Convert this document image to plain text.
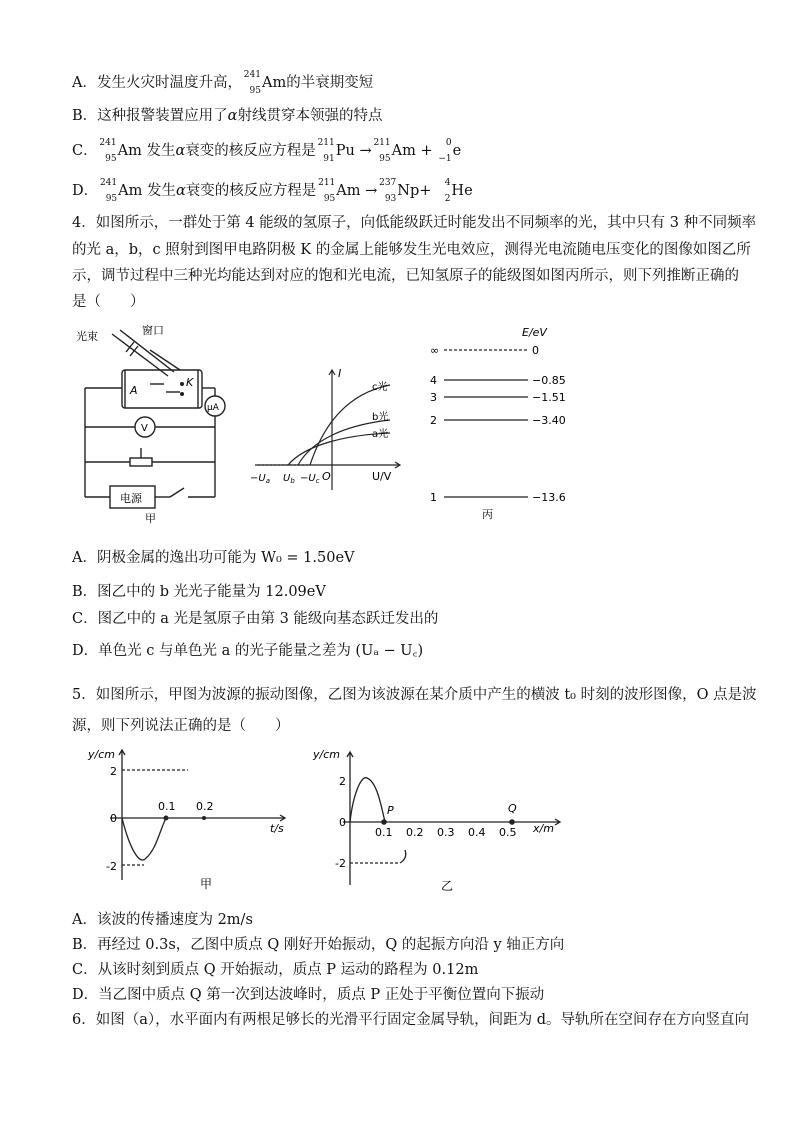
A．发生火灾时温度升高， 241
95 Am的半衰期变短
B．这种报警装置应用了α射线贯穿本领强的特点
C． 241
95 Am 发生α衰变的核反应方程是 211
91 Pu → 211
95 Am + 0
−1 e
D． 241
95 Am 发生α衰变的核反应方程是 211
95 Am → 237
93 Np+ 4
2 He
4．如图所示，一群处于第 4 能级的氢原子，向低能级跃迁时能发出不同频率的光，其中只有 3 种不同频率
的光 a，b，c 照射到图甲电路阴极 K 的金属上能够发生光电效应，测得光电流随电压变化的图像如图乙所
示，调节过程中三种光均能达到对应的饱和光电流，已知氢原子的能级图如图丙所示，则下列推断正确的
是（　　）
光束	窗口
A
K
μA
V
电源
甲
I
U/V
O
c光
b光
a光
$-U_a$ $U_b -U_c$
E/eV
∞	0
4	−0.85
3	−1.51
2	−3.40
1	−13.6
丙
A．阴极金属的逸出功可能为 W₀ = 1.50eV
B．图乙中的 b 光光子能量为 12.09eV
C．图乙中的 a 光是氢原子由第 3 能级向基态跃迁发出的
D．单色光 c 与单色光 a 的光子能量之差为 (Uₐ − U꜀)
5．如图所示，甲图为波源的振动图像，乙图为该波源在某介质中产生的横波 t₀ 时刻的波形图像，O 点是波
源，则下列说法正确的是（　　）
y/cm
t/s
2
0
-2
0.1 0.2
甲
y/cm
x/m
2
0
-2
0.1 0.2 0.3 0.4 0.5
P	Q
乙
A．该波的传播速度为 2m/s
B．再经过 0.3s，乙图中质点 Q 刚好开始振动，Q 的起振方向沿 y 轴正方向
C．从该时刻到质点 Q 开始振动，质点 P 运动的路程为 0.12m
D．当乙图中质点 Q 第一次到达波峰时，质点 P 正处于平衡位置向下振动
6．如图（a），水平面内有两根足够长的光滑平行固定金属导轨，间距为 d。导轨所在空间存在方向竖直向
